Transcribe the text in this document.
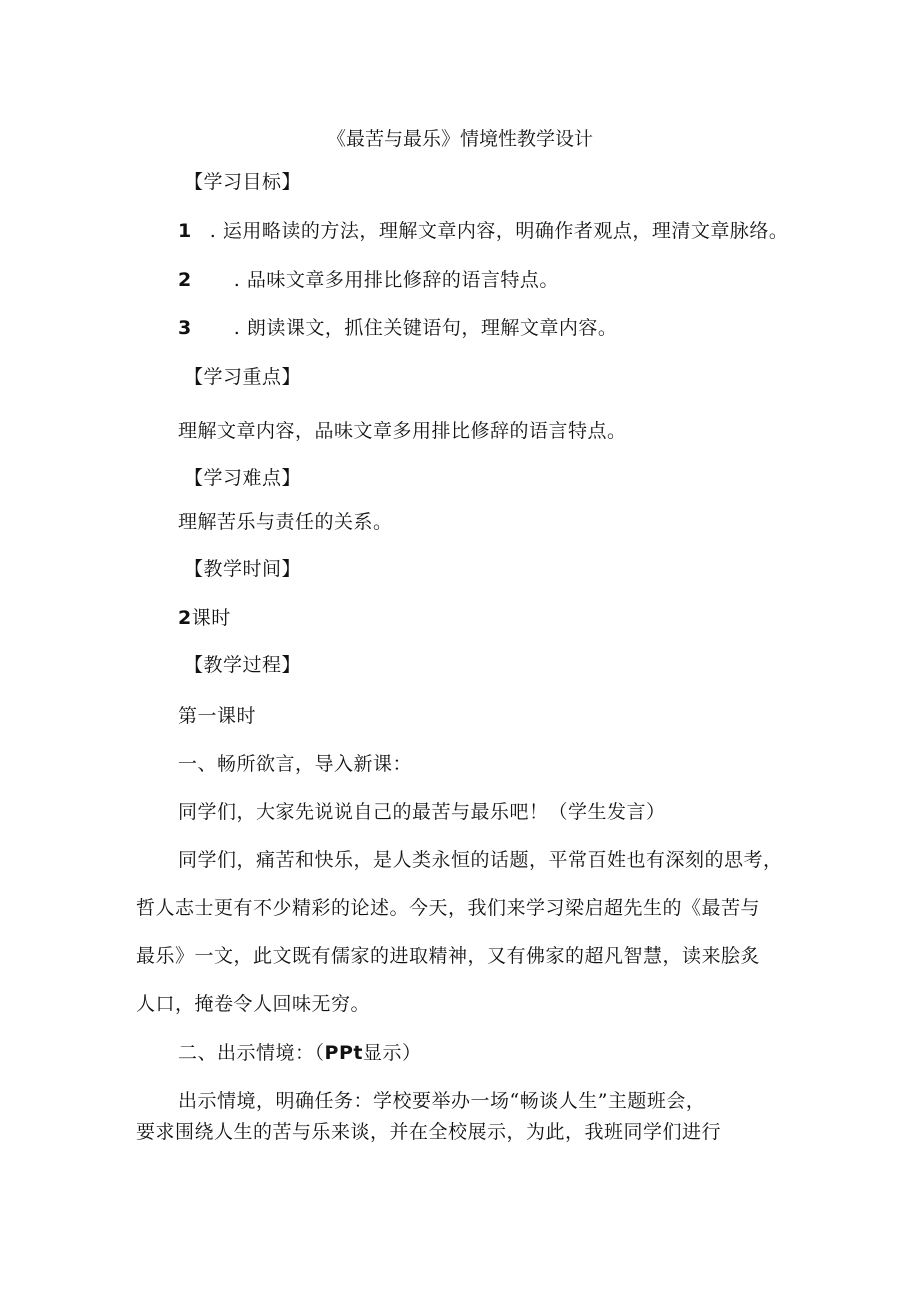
《最苦与最乐》情境性教学设计
【学习目标】
1 . 运用略读的方法，理解文章内容，明确作者观点，理清文章脉络。
2 . 品味文章多用排比修辞的语言特点。
3 . 朗读课文，抓住关键语句，理解文章内容。
【学习重点】
理解文章内容，品味文章多用排比修辞的语言特点。
【学习难点】
理解苦乐与责任的关系。
【教学时间】
2课时
【教学过程】
第一课时
一、畅所欲言，导入新课：
同学们，大家先说说自己的最苦与最乐吧！（学生发言）
同学们，痛苦和快乐，是人类永恒的话题，平常百姓也有深刻的思考，
哲人志士更有不少精彩的论述。今天，我们来学习梁启超先生的《最苦与
最乐》一文，此文既有儒家的进取精神，又有佛家的超凡智慧，读来脍炙
人口，掩卷令人回味无穷。
二、出示情境：（PPt显示）
出示情境，明确任务：学校要举办一场“畅谈人生”主题班会，
要求围绕人生的苦与乐来谈，并在全校展示，为此，我班同学们进行
